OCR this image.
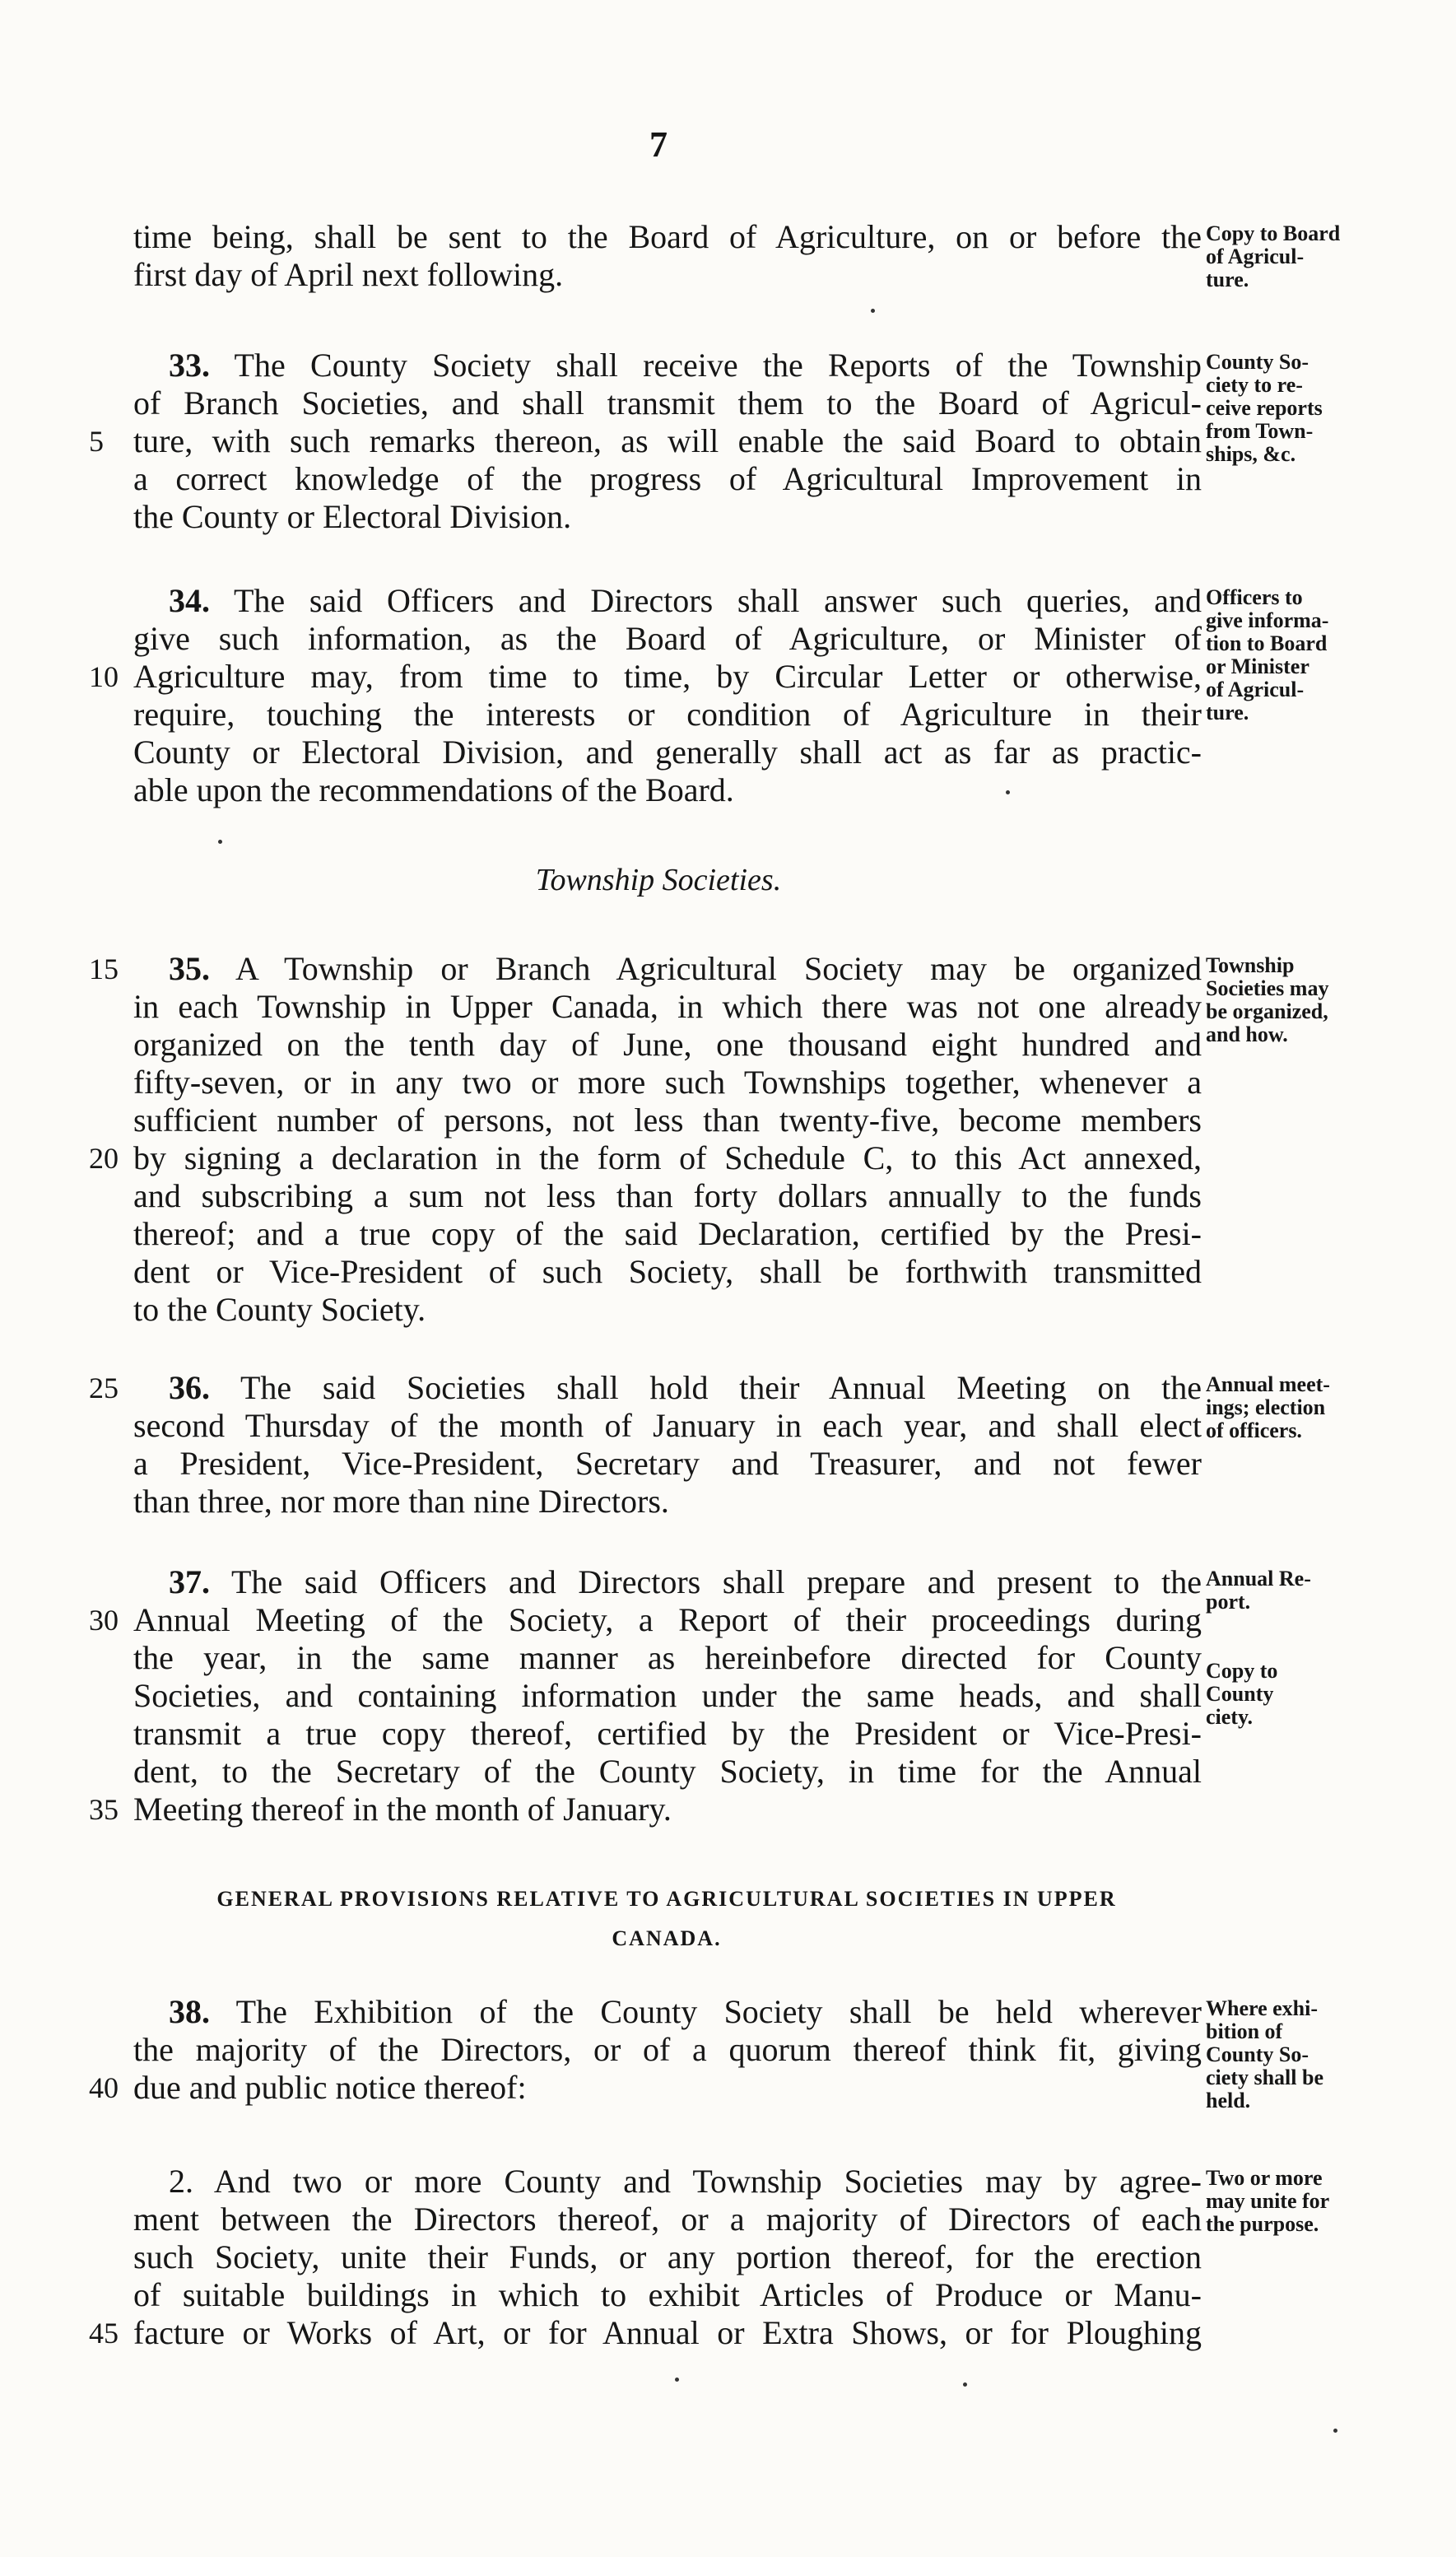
7
time being, shall be sent to the Board of Agriculture, on or before the
first day of April next following.
Copy to Board
of Agricul-
ture.
33. The County Society shall receive the Reports of the Township
of Branch Societies, and shall transmit them to the Board of Agricul-
5 ture, with such remarks thereon, as will enable the said Board to obtain
a correct knowledge of the progress of Agricultural Improvement in
the County or Electoral Division.
County So-
ciety to re-
ceive reports
from Town-
ships, &c.
34. The said Officers and Directors shall answer such queries, and
give such information, as the Board of Agriculture, or Minister of
10 Agriculture may, from time to time, by Circular Letter or otherwise,
require, touching the interests or condition of Agriculture in their
County or Electoral Division, and generally shall act as far as practic-
able upon the recommendations of the Board.
Officers to
give informa-
tion to Board
or Minister
of Agricul-
ture.
15	35. A Township or Branch Agricultural Society may be organized
in each Township in Upper Canada, in which there was not one already
organized on the tenth day of June, one thousand eight hundred and
fifty-seven, or in any two or more such Townships together, whenever a
sufficient number of persons, not less than twenty-five, become members
20 by signing a declaration in the form of Schedule C, to this Act annexed,
and subscribing a sum not less than forty dollars annually to the funds
thereof; and a true copy of the said Declaration, certified by the Presi-
dent or Vice-President of such Society, shall be forthwith transmitted
to the County Society.
Township
Societies may
be organized,
and how.
25	36. The said Societies shall hold their Annual Meeting on the
second Thursday of the month of January in each year, and shall elect
a President, Vice-President, Secretary and Treasurer, and not fewer
than three, nor more than nine Directors.
Annual meet-
ings; election
of officers.
37. The said Officers and Directors shall prepare and present to the
30 Annual Meeting of the Society, a Report of their proceedings during
the year, in the same manner as hereinbefore directed for County
Societies, and containing information under the same heads, and shall
transmit a true copy thereof, certified by the President or Vice-Presi-
dent, to the Secretary of the County Society, in time for the Annual
35 Meeting thereof in the month of January.
Annual Re-
port.
Copy to
County
ciety.
38. The Exhibition of the County Society shall be held wherever
the majority of the Directors, or of a quorum thereof think fit, giving
40 due and public notice thereof:
Where exhi-
bition of
County So-
ciety shall be
held.
2. And two or more County and Township Societies may by agree-
ment between the Directors thereof, or a majority of Directors of each
such Society, unite their Funds, or any portion thereof, for the erection
of suitable buildings in which to exhibit Articles of Produce or Manu-
45 facture or Works of Art, or for Annual or Extra Shows, or for Ploughing
Two or more
may unite for
the purpose.
Township Societies.
GENERAL PROVISIONS RELATIVE TO AGRICULTURAL SOCIETIES IN UPPER
CANADA.
